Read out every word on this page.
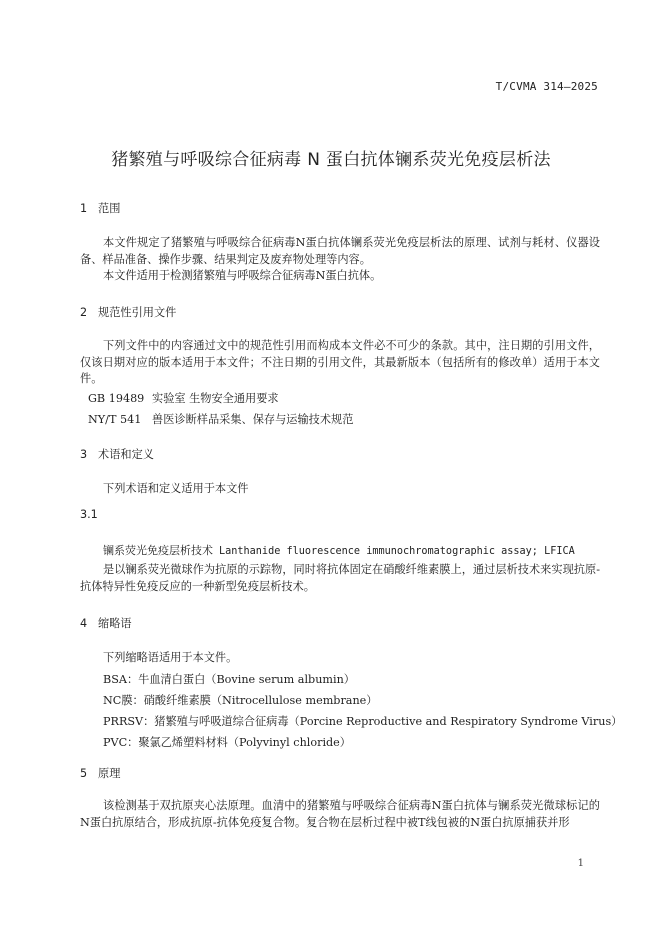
T/CVMA 314—2025
猪繁殖与呼吸综合征病毒 N 蛋白抗体镧系荧光免疫层析法
1 范围
本文件规定了猪繁殖与呼吸综合征病毒N蛋白抗体镧系荧光免疫层析法的原理、试剂与耗材、仪器设备、样品准备、操作步骤、结果判定及废弃物处理等内容。
本文件适用于检测猪繁殖与呼吸综合征病毒N蛋白抗体。
2 规范性引用文件
下列文件中的内容通过文中的规范性引用而构成本文件必不可少的条款。其中，注日期的引用文件，仅该日期对应的版本适用于本文件；不注日期的引用文件，其最新版本（包括所有的修改单）适用于本文件。
GB 19489 实验室 生物安全通用要求
NY/T 541 兽医诊断样品采集、保存与运输技术规范
3 术语和定义
下列术语和定义适用于本文件
3.1
镧系荧光免疫层析技术 Lanthanide fluorescence immunochromatographic assay; LFICA
是以镧系荧光微球作为抗原的示踪物，同时将抗体固定在硝酸纤维素膜上，通过层析技术来实现抗原-抗体特异性免疫反应的一种新型免疫层析技术。
4 缩略语
下列缩略语适用于本文件。
BSA：牛血清白蛋白（Bovine serum albumin）
NC膜：硝酸纤维素膜（Nitrocellulose membrane）
PRRSV：猪繁殖与呼吸道综合征病毒（Porcine Reproductive and Respiratory Syndrome Virus）
PVC：聚氯乙烯塑料材料（Polyvinyl chloride）
5 原理
该检测基于双抗原夹心法原理。血清中的猪繁殖与呼吸综合征病毒N蛋白抗体与镧系荧光微球标记的N蛋白抗原结合，形成抗原-抗体免疫复合物。复合物在层析过程中被T线包被的N蛋白抗原捕获并形
1
